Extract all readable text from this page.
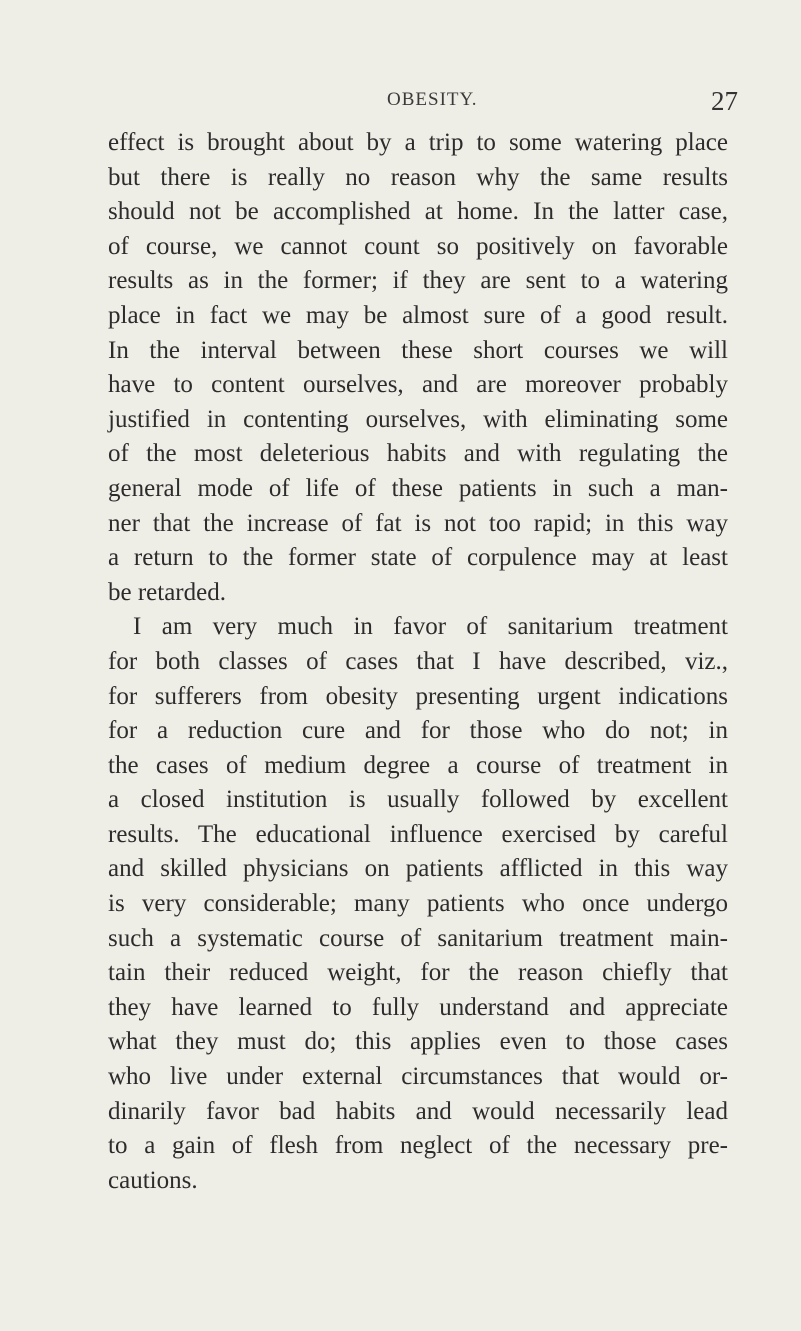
OBESITY.	27
effect is brought about by a trip to some watering place
but there is really no reason why the same results
should not be accomplished at home. In the latter case,
of course, we cannot count so positively on favorable
results as in the former; if they are sent to a watering
place in fact we may be almost sure of a good result.
In the interval between these short courses we will
have to content ourselves, and are moreover probably
justified in contenting ourselves, with eliminating some
of the most deleterious habits and with regulating the
general mode of life of these patients in such a man-
ner that the increase of fat is not too rapid; in this way
a return to the former state of corpulence may at least
be retarded.
I am very much in favor of sanitarium treatment
for both classes of cases that I have described, viz.,
for sufferers from obesity presenting urgent indications
for a reduction cure and for those who do not; in
the cases of medium degree a course of treatment in
a closed institution is usually followed by excellent
results. The educational influence exercised by careful
and skilled physicians on patients afflicted in this way
is very considerable; many patients who once undergo
such a systematic course of sanitarium treatment main-
tain their reduced weight, for the reason chiefly that
they have learned to fully understand and appreciate
what they must do; this applies even to those cases
who live under external circumstances that would or-
dinarily favor bad habits and would necessarily lead
to a gain of flesh from neglect of the necessary pre-
cautions.
